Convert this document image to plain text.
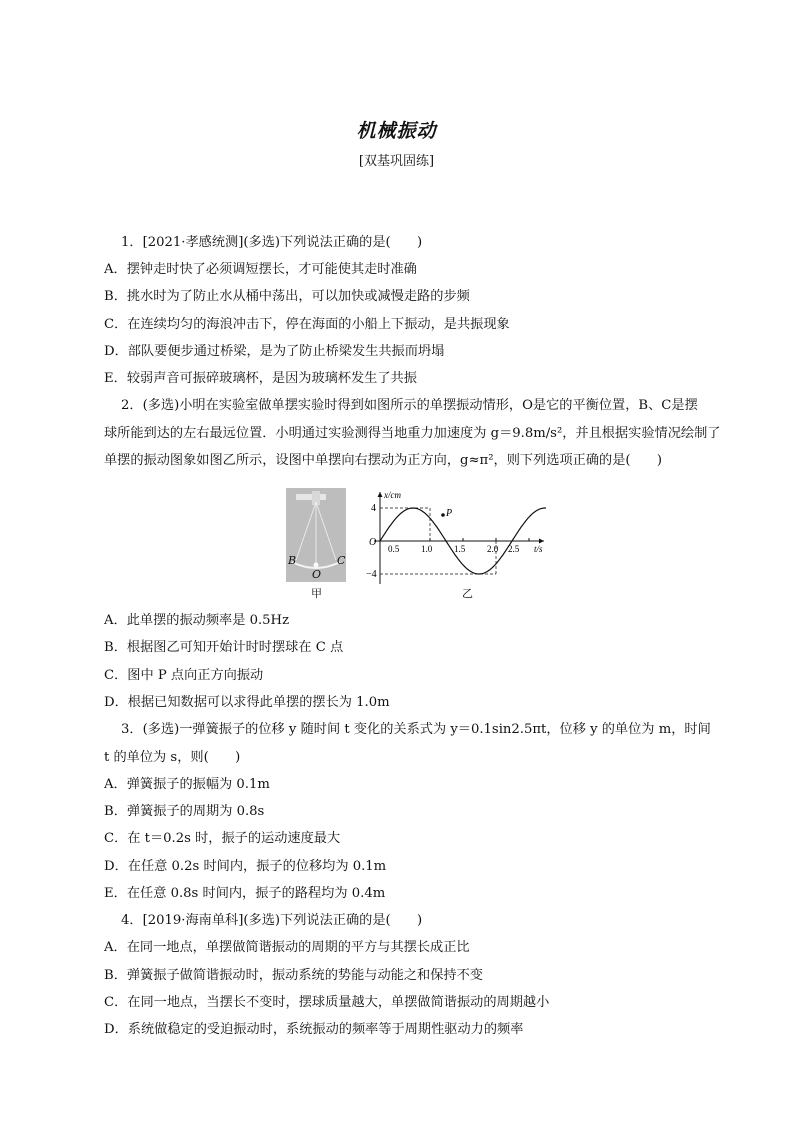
机械振动
[双基巩固练]
1．[2021·孝感统测](多选)下列说法正确的是(　　)
A．摆钟走时快了必须调短摆长，才可能使其走时准确
B．挑水时为了防止水从桶中荡出，可以加快或减慢走路的步频
C．在连续均匀的海浪冲击下，停在海面的小船上下振动，是共振现象
D．部队要便步通过桥梁，是为了防止桥梁发生共振而坍塌
E．较弱声音可振碎玻璃杯，是因为玻璃杯发生了共振
2．(多选)小明在实验室做单摆实验时得到如图所示的单摆振动情形，O是它的平衡位置，B、C是摆
球所能到达的左右最远位置．小明通过实验测得当地重力加速度为 g＝9.8m/s²，并且根据实验情况绘制了
单摆的振动图象如图乙所示，设图中单摆向右摆动为正方向，g≈π²，则下列选项正确的是(　　)
B
O
C
甲
x/cm
t/s
O
4
−4
0.5 1.0 1.5 2.0 2.5
P
乙
A．此单摆的振动频率是 0.5Hz
B．根据图乙可知开始计时时摆球在 C 点
C．图中 P 点向正方向振动
D．根据已知数据可以求得此单摆的摆长为 1.0m
3．(多选)一弹簧振子的位移 y 随时间 t 变化的关系式为 y＝0.1sin2.5πt，位移 y 的单位为 m，时间
t 的单位为 s，则(　　)
A．弹簧振子的振幅为 0.1m
B．弹簧振子的周期为 0.8s
C．在 t＝0.2s 时，振子的运动速度最大
D．在任意 0.2s 时间内，振子的位移均为 0.1m
E．在任意 0.8s 时间内，振子的路程均为 0.4m
4．[2019·海南单科](多选)下列说法正确的是(　　)
A．在同一地点，单摆做简谐振动的周期的平方与其摆长成正比
B．弹簧振子做简谐振动时，振动系统的势能与动能之和保持不变
C．在同一地点，当摆长不变时，摆球质量越大，单摆做简谐振动的周期越小
D．系统做稳定的受迫振动时，系统振动的频率等于周期性驱动力的频率
